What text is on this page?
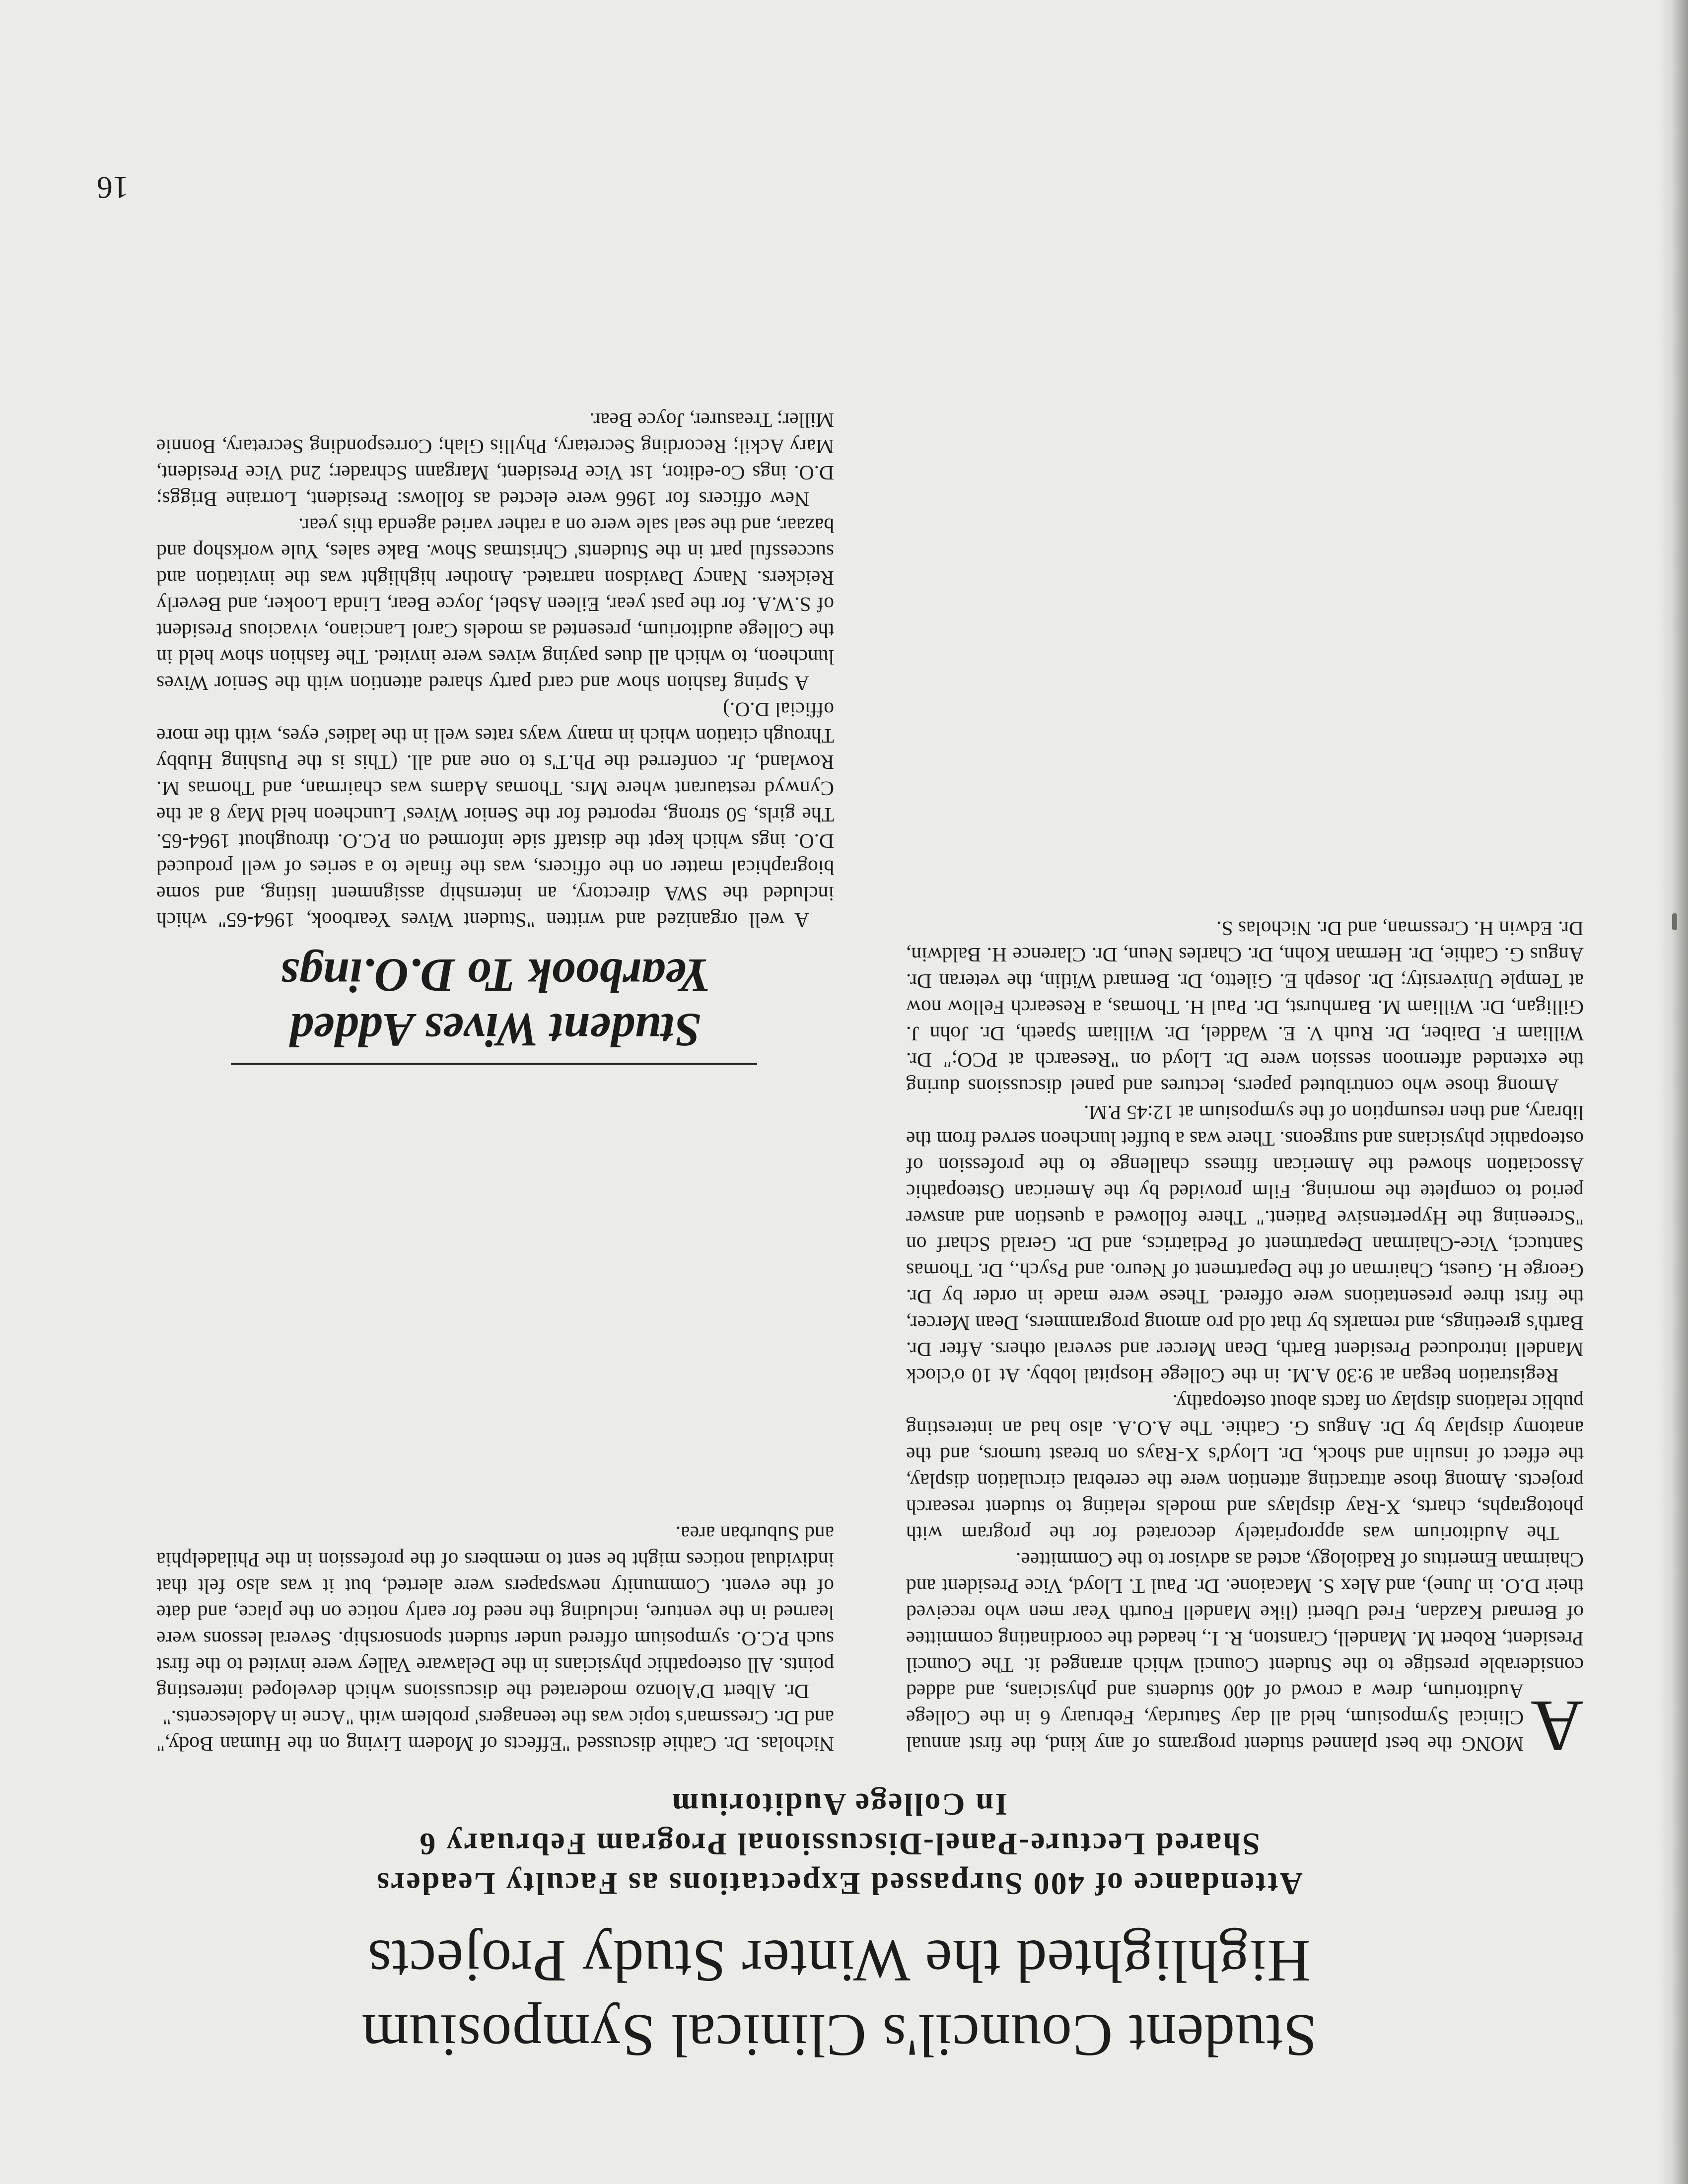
Student Council's Clinical Symposium
Highlighted the Winter Study Projects
Attendance of 400 Surpassed Expectations as Faculty Leaders
Shared Lecture-Panel-Discussional Program February 6
In College Auditorium

A
MONG the best planned student programs of any kind, the first annual Clinical Symposium, held all day Saturday, February 6 in the College Auditorium, drew a crowd of 400 students and physicians, and added considerable prestige to the Student Council which arranged it. The Council President, Robert M. Mandell, Cranston, R. I., headed the coordinating committee of Bernard Kazdan, Fred Uberti (like Mandell Fourth Year men who received their D.O. in June), and Alex S. Macaione. Dr. Paul T. Lloyd, Vice President and Chairman Emeritus of Radiology, acted as advisor to the Committee.

The Auditorium was appropriately decorated for the program with photographs, charts, X-Ray displays and models relating to student research projects. Among those attracting attention were the cerebral circulation display, the effect of insulin and shock, Dr. Lloyd's X-Rays on breast tumors, and the anatomy display by Dr. Angus G. Cathie. The A.O.A. also had an interesting public relations display on facts about osteopathy.

Registration began at 9:30 A.M. in the College Hospital lobby. At 10 o'clock Mandell introduced President Barth, Dean Mercer and several others. After Dr. Barth's greetings, and remarks by that old pro among programmers, Dean Mercer, the first three presentations were offered. These were made in order by Dr. George H. Guest, Chairman of the Department of Neuro. and Psych., Dr. Thomas Santucci, Vice-Chairman Department of Pediatrics, and Dr. Gerald Scharf on "Screening the Hypertensive Patient." There followed a question and answer period to complete the morning. Film provided by the American Osteopathic Association showed the American fitness challenge to the profession of osteopathic physicians and surgeons. There was a buffet luncheon served from the library, and then resumption of the symposium at 12:45 P.M.

Among those who contributed papers, lectures and panel discussions during the extended afternoon session were Dr. Lloyd on "Research at PCO;" Dr. William F. Daiber, Dr. Ruth V. E. Waddel, Dr. William Spaeth, Dr. John J. Gilligan, Dr. William M. Barnhurst, Dr. Paul H. Thomas, a Research Fellow now at Temple University; Dr. Joseph E. Giletto, Dr. Bernard Witlin, the veteran Dr. Angus G. Cathie, Dr. Herman Kohn, Dr. Charles Neun, Dr. Clarence H. Baldwin, Dr. Edwin H. Cressman, and Dr. Nicholas S.

Nicholas. Dr. Cathie discussed "Effects of Modern Living on the Human Body," and Dr. Cressman's topic was the teenagers' problem with "Acne in Adolescents."

Dr. Albert D'Alonzo moderated the discussions which developed interesting points. All osteopathic physicians in the Delaware Valley were invited to the first such P.C.O. symposium offered under student sponsorship. Several lessons were learned in the venture, including the need for early notice on the place, and date of the event. Community newspapers were alerted, but it was also felt that individual notices might be sent to members of the profession in the Philadelphia and Suburban area.

Student Wives Added
Yearbook To D.O.ings

A well organized and written "Student Wives Yearbook, 1964-65" which included the SWA directory, an internship assignment listing, and some biographical matter on the officers, was the finale to a series of well produced D.O. ings which kept the distaff side informed on P.C.O. throughout 1964-65. The girls, 50 strong, reported for the Senior Wives' Luncheon held May 8 at the Cynwyd restaurant where Mrs. Thomas Adams was chairman, and Thomas M. Rowland, Jr. conferred the Ph.T's to one and all. (This is the Pushing Hubby Through citation which in many ways rates well in the ladies' eyes, with the more official D.O.)

A Spring fashion show and card party shared attention with the Senior Wives luncheon, to which all dues paying wives were invited. The fashion show held in the College auditorium, presented as models Carol Lanciano, vivacious President of S.W.A. for the past year, Eileen Asbel, Joyce Bear, Linda Looker, and Beverly Reickers. Nancy Davidson narrated. Another highlight was the invitation and successful part in the Students' Christmas Show. Bake sales, Yule workshop and bazaar, and the seal sale were on a rather varied agenda this year.

New officers for 1966 were elected as follows: President, Lorraine Briggs; D.O. ings Co-editor, 1st Vice President, Margann Schrader; 2nd Vice President, Mary Ackil; Recording Secretary, Phyllis Glah; Corresponding Secretary, Bonnie Miller; Treasurer, Joyce Bear.

16
